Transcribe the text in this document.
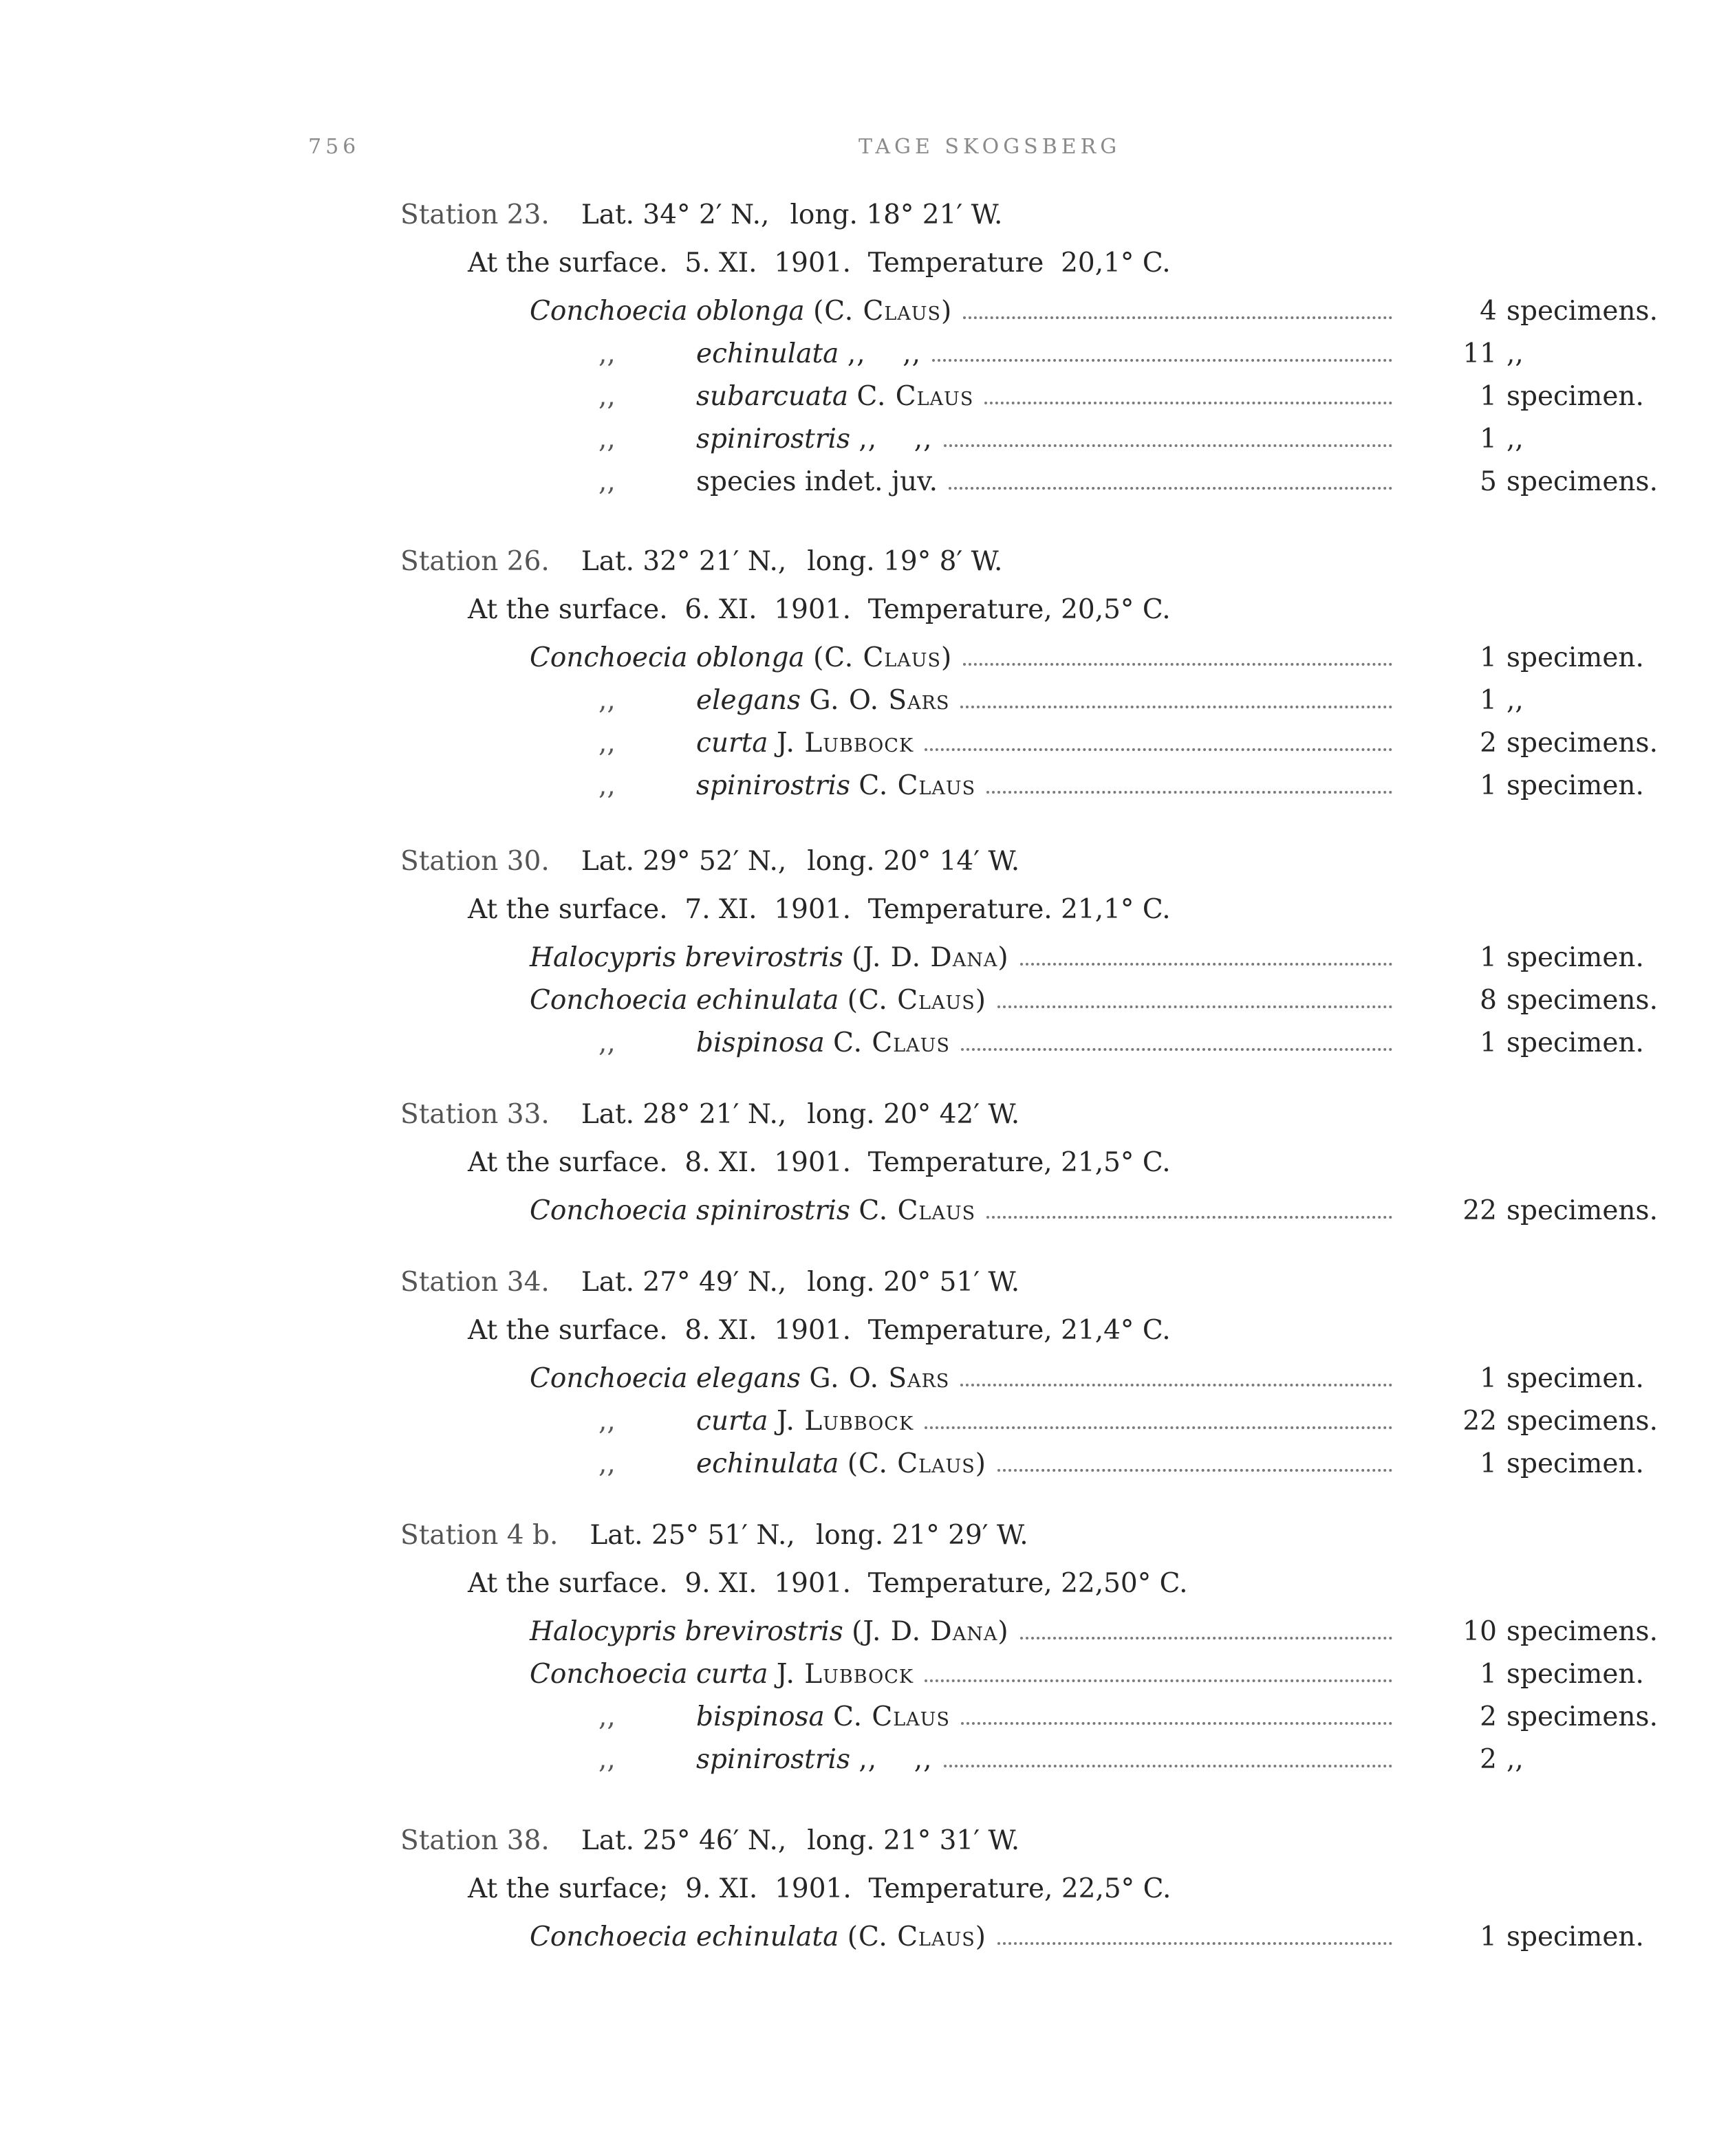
756	TAGE SKOGSBERG
Station 23. Lat. 34° 2′ N., long. 18° 21′ W.
At the surface.  5. XI.  1901.  Temperature  20,1° C.
Conchoecia oblonga (C. Claus)	4 specimens.
,,	echinulata ,,    ,,	11 ,,
,,	subarcuata C. Claus	1 specimen.
,,	spinirostris ,,    ,,	1 ,,
,,	species indet. juv.	5 specimens.
Station 26. Lat. 32° 21′ N., long. 19° 8′ W.
At the surface.  6. XI.  1901.  Temperature, 20,5° C.
Conchoecia oblonga (C. Claus)	1 specimen.
,,	elegans G. O. Sars	1 ,,
,,	curta J. Lubbock	2 specimens.
,,	spinirostris C. Claus	1 specimen.
Station 30. Lat. 29° 52′ N., long. 20° 14′ W.
At the surface.  7. XI.  1901.  Temperature. 21,1° C.
Halocypris brevirostris (J. D. Dana)	1 specimen.
Conchoecia echinulata (C. Claus)	8 specimens.
,,	bispinosa C. Claus	1 specimen.
Station 33. Lat. 28° 21′ N., long. 20° 42′ W.
At the surface.  8. XI.  1901.  Temperature, 21,5° C.
Conchoecia spinirostris C. Claus	22 specimens.
Station 34. Lat. 27° 49′ N., long. 20° 51′ W.
At the surface.  8. XI.  1901.  Temperature, 21,4° C.
Conchoecia elegans G. O. Sars	1 specimen.
,,	curta J. Lubbock	22 specimens.
,,	echinulata (C. Claus)	1 specimen.
Station 4 b. Lat. 25° 51′ N., long. 21° 29′ W.
At the surface.  9. XI.  1901.  Temperature, 22,50° C.
Halocypris brevirostris (J. D. Dana)	10 specimens.
Conchoecia curta J. Lubbock	1 specimen.
,,	bispinosa C. Claus	2 specimens.
,,	spinirostris ,,    ,,	2 ,,
Station 38. Lat. 25° 46′ N., long. 21° 31′ W.
At the surface;  9. XI.  1901.  Temperature, 22,5° C.
Conchoecia echinulata (C. Claus)	1 specimen.
